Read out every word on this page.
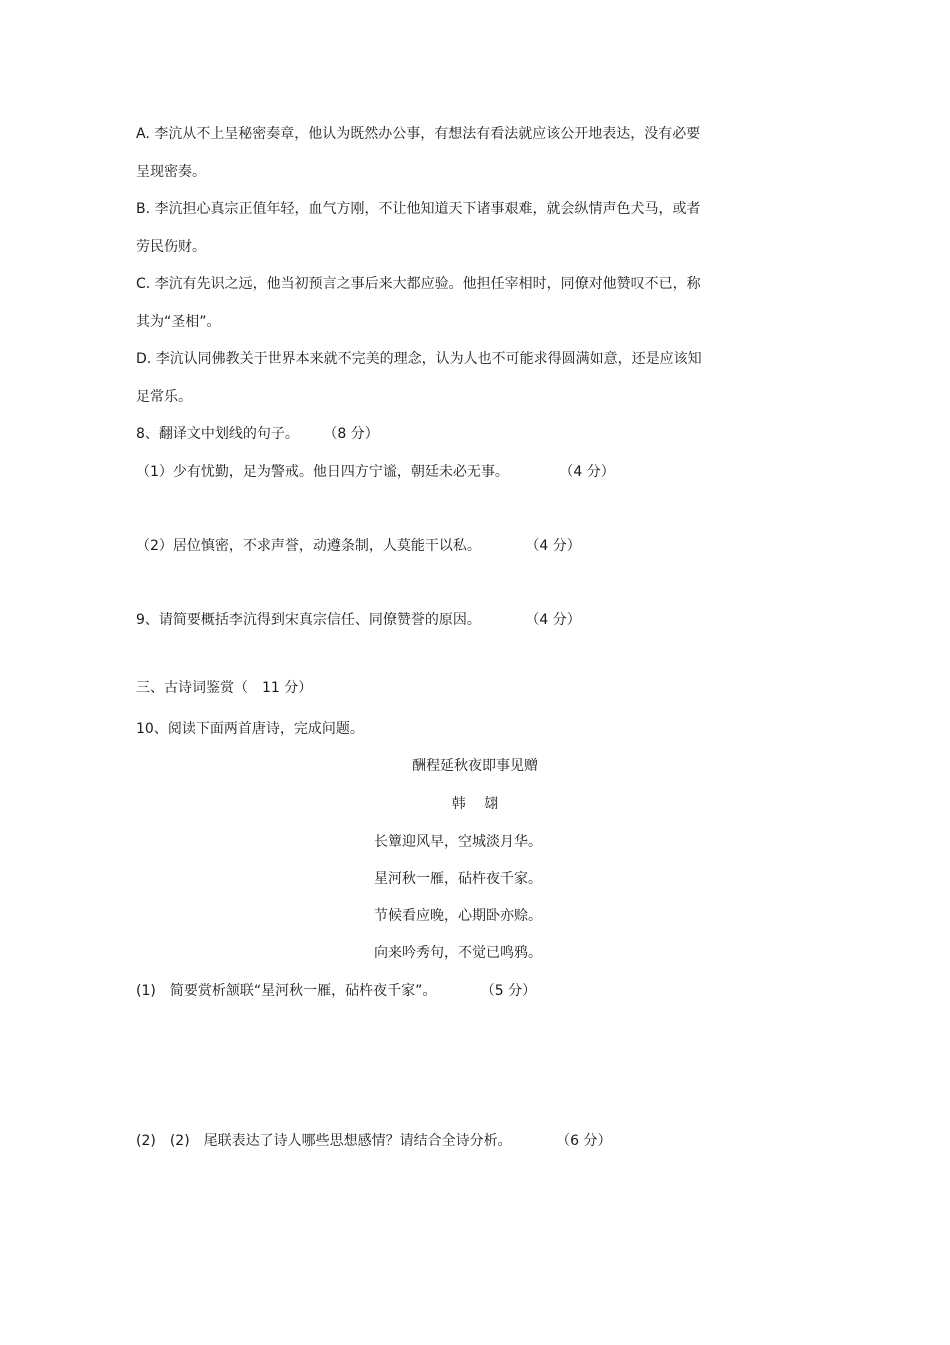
A. 李沆从不上呈秘密奏章，他认为既然办公事，有想法有看法就应该公开地表达，没有必要
呈现密奏。
B. 李沆担心真宗正值年轻，血气方刚，不让他知道天下诸事艰难，就会纵情声色犬马，或者
劳民伤财。
C. 李沆有先识之远，他当初预言之事后来大都应验。他担任宰相时，同僚对他赞叹不已，称
其为“圣相”。
D. 李沆认同佛教关于世界本来就不完美的理念，认为人也不可能求得圆满如意，还是应该知
足常乐。
8、翻译文中划线的句子。 （8 分）
（1）少有忧勤，足为警戒。他日四方宁谧，朝廷未必无事。	（4 分）
（2）居位慎密，不求声誉，动遵条制，人莫能干以私。	（4 分）
9、请简要概括李沆得到宋真宗信任、同僚赞誉的原因。	（4 分）
三、古诗词鉴赏（　11 分）
10、阅读下面两首唐诗，完成问题。
酬程延秋夜即事见赠
韩　 翃
长簟迎风早，空城淡月华。
星河秋一雁，砧杵夜千家。
节候看应晚，心期卧亦赊。
向来吟秀句，不觉已鸣鸦。
(1)　简要赏析颔联“星河秋一雁，砧杵夜千家”。	（5 分）
(2)　(2)　尾联表达了诗人哪些思想感情？请结合全诗分析。	（6 分）
